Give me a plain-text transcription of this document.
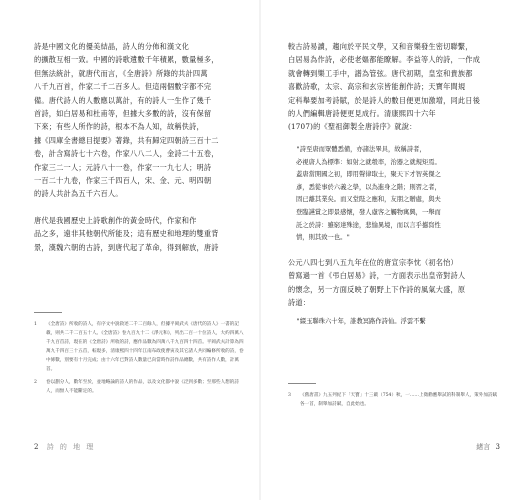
詩是中國文化的優美結晶，詩人的分佈和漢文化

的擴散互相一致。中國的詩歌遺數千年積累，數量極多，

但無法統計，就唐代而言，《全唐詩》所錄的共計四萬

八千九百首，作家二千二百多人。但這兩個數字都不完

備。唐代詩人的人數應以萬計，有的詩人一生作了幾千

首詩，如白居易和杜甫等，但據大多數的詩，沒有保留

下來；有些人所作的詩，根本不為人知，故稱佚詩，

據《四庫全書總目提要》著錄，共有歸定四朝詩三百十二

卷，計含寫詩七十六卷，作家八八二人，金詩二十五卷，

作家三二一人；元詩八十一卷，作家一一九七人；明詩

一百二十九卷，作家三千四百人，宋、金、元、明四朝

的詩人共計為五千六百人。

唐代是我國歷史上詩歌創作的黃金時代，作家和作

品之多，遠非其他朝代所能及；這有歷史和地理的雙重背

景，漢魏六朝的古詩，到唐代起了革命，得到解放，唐詩

1 《全唐詩》所收的詩人，有序文中說敘述二千二百餘人，但據平岡武夫《唐代的詩人》一書的記載，則共二千二百五十人。《全唐詩》卷九百九十二《淨元和》，列出二百一十位詩人，大約四萬八千九百首詩，現在的《全唐詩》所收的詩，應作品數為四萬八千九百四十四首。平岡武夫計算為四萬九千四百三十五首，較現多，清康熙四十四年江南布政使曹寅及其它諸人共同編修所收的詩，卷中條數，別要有十月完成；由十六年已對詩人數量已向當時作詩作品總數，共有詩作人數，計萬首。
2 卷以劃分人，數年至於，並地略論的詩人的作品，以及文化都中說《泛到多數；至那些人想的詩人，而無人不能斷定的。
2 詩 的 地 理

較古詩易讀，趨向於平民文學，又和音樂發生密切聯繫，

白居易為作詩，必使老嫗都能瞭解。李益等人的詩，一作成

就會轉到樂工手中，譜為管弦。唐代初期，皇室和貴族都

喜歡詩歌，太宗、高宗和玄宗皆能創作詩；天寶年間規

定科舉要加考詩賦，於是詩人的數目便更加激增，同此日後

的人們編輯唐詩便更見成行。清康熙四十六年

(1707)的《聖祖御製全唐詩序》就說：

"詩至唐而眾體悉備，亦諸法畢具，故稱詩者，
必視唐人為標準：如射之就彀率，治器之就規矩焉。
蓋唐當開國之初，即用聲律取士，聚天下才智英傑之
彥，悉從事於六義之學，以為進身之階；則習之者，
固已離其業矣。而又堂陛之應和，友朋之贈處，與夫
登臨讌賞之即景感懷，發人慮客之觸物寓興，一舉而
託之於詩：雖窮達殊途，悲愉異境，而以言乎攄寫性
情，則其致一也。"

公元八四七到八五九年在位的唐宣宗李忱（初名怡）

曾寫過一首《弔白居易》詩，一方面表示出皇帝對詩人

的懷念，另一方面反映了朝野上下作詩的風氣大盛，原

詩道：

"綴玉聯珠六十年，誰教冥路作詩仙。浮雲不繫
3 《舊唐書》九五列紀下「天寶」十三載（754）秋，一……上徵勸應舉試的科制舉人，策外加詩賦各一首，制舉加詩賦，自此始也。
緒言 3
